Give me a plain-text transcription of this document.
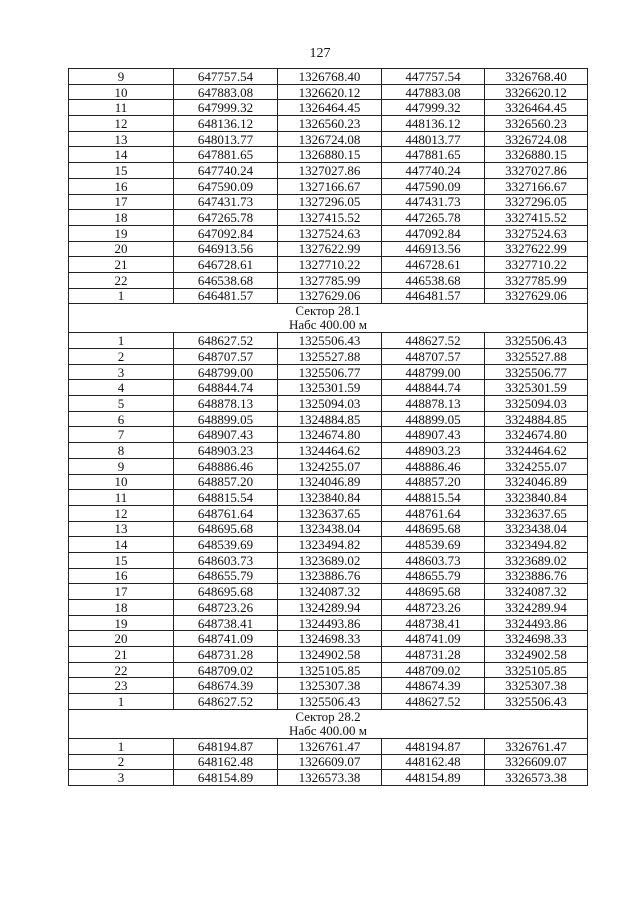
127
9	647757.54	1326768.40	447757.54	3326768.40
10	647883.08	1326620.12	447883.08	3326620.12
11	647999.32	1326464.45	447999.32	3326464.45
12	648136.12	1326560.23	448136.12	3326560.23
13	648013.77	1326724.08	448013.77	3326724.08
14	647881.65	1326880.15	447881.65	3326880.15
15	647740.24	1327027.86	447740.24	3327027.86
16	647590.09	1327166.67	447590.09	3327166.67
17	647431.73	1327296.05	447431.73	3327296.05
18	647265.78	1327415.52	447265.78	3327415.52
19	647092.84	1327524.63	447092.84	3327524.63
20	646913.56	1327622.99	446913.56	3327622.99
21	646728.61	1327710.22	446728.61	3327710.22
22	646538.68	1327785.99	446538.68	3327785.99
1	646481.57	1327629.06	446481.57	3327629.06

Сектор 28.1
Набс 400.00 м				

1	648627.52	1325506.43	448627.52	3325506.43
2	648707.57	1325527.88	448707.57	3325527.88
3	648799.00	1325506.77	448799.00	3325506.77
4	648844.74	1325301.59	448844.74	3325301.59
5	648878.13	1325094.03	448878.13	3325094.03
6	648899.05	1324884.85	448899.05	3324884.85
7	648907.43	1324674.80	448907.43	3324674.80
8	648903.23	1324464.62	448903.23	3324464.62
9	648886.46	1324255.07	448886.46	3324255.07
10	648857.20	1324046.89	448857.20	3324046.89
11	648815.54	1323840.84	448815.54	3323840.84
12	648761.64	1323637.65	448761.64	3323637.65
13	648695.68	1323438.04	448695.68	3323438.04
14	648539.69	1323494.82	448539.69	3323494.82
15	648603.73	1323689.02	448603.73	3323689.02
16	648655.79	1323886.76	448655.79	3323886.76
17	648695.68	1324087.32	448695.68	3324087.32
18	648723.26	1324289.94	448723.26	3324289.94
19	648738.41	1324493.86	448738.41	3324493.86
20	648741.09	1324698.33	448741.09	3324698.33
21	648731.28	1324902.58	448731.28	3324902.58
22	648709.02	1325105.85	448709.02	3325105.85
23	648674.39	1325307.38	448674.39	3325307.38
1	648627.52	1325506.43	448627.52	3325506.43

Сектор 28.2
Набс 400.00 м				

1	648194.87	1326761.47	448194.87	3326761.47
2	648162.48	1326609.07	448162.48	3326609.07
3	648154.89	1326573.38	448154.89	3326573.38
